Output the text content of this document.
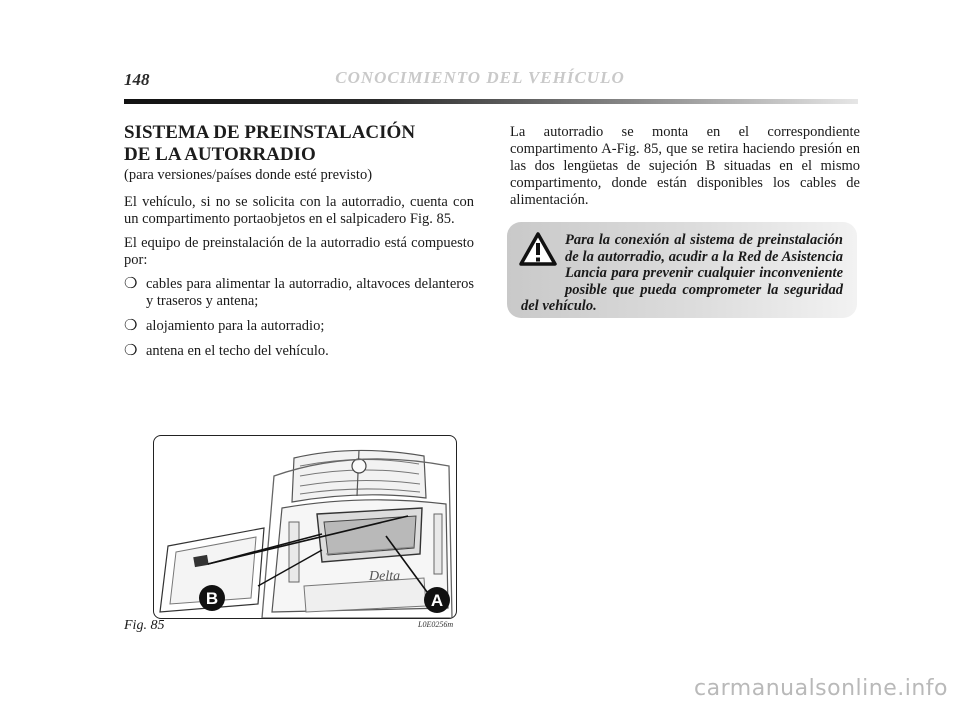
148	CONOCIMIENTO DEL VEHÍCULO
SISTEMA DE PREINSTALACIÓN
DE LA AUTORRADIO

(para versiones/países donde esté previsto)

El vehículo, si no se solicita con la autorradio, cuenta con un compartimento portaobjetos en el salpicadero Fig. 85.

El equipo de preinstalación de la autorradio está compuesto por:

❍ cables para alimentar la autorradio, altavoces delanteros y traseros y antena;
❍ alojamiento para la autorradio;
❍ antena en el techo del vehículo.

La autorradio se monta en el correspondiente compartimento A-Fig. 85, que se retira haciendo presión en las dos lengüetas de sujeción B situadas en el mismo compartimento, donde están disponibles los cables de alimentación.

Para la conexión al sistema de preinstalación de la autorradio, acudir a la Red de Asistencia Lancia para prevenir cualquier inconveniente posible que pueda comprometer la seguridad del vehículo.

Delta
B	A
Fig. 85	L0E0256m
carmanualsonline.info
